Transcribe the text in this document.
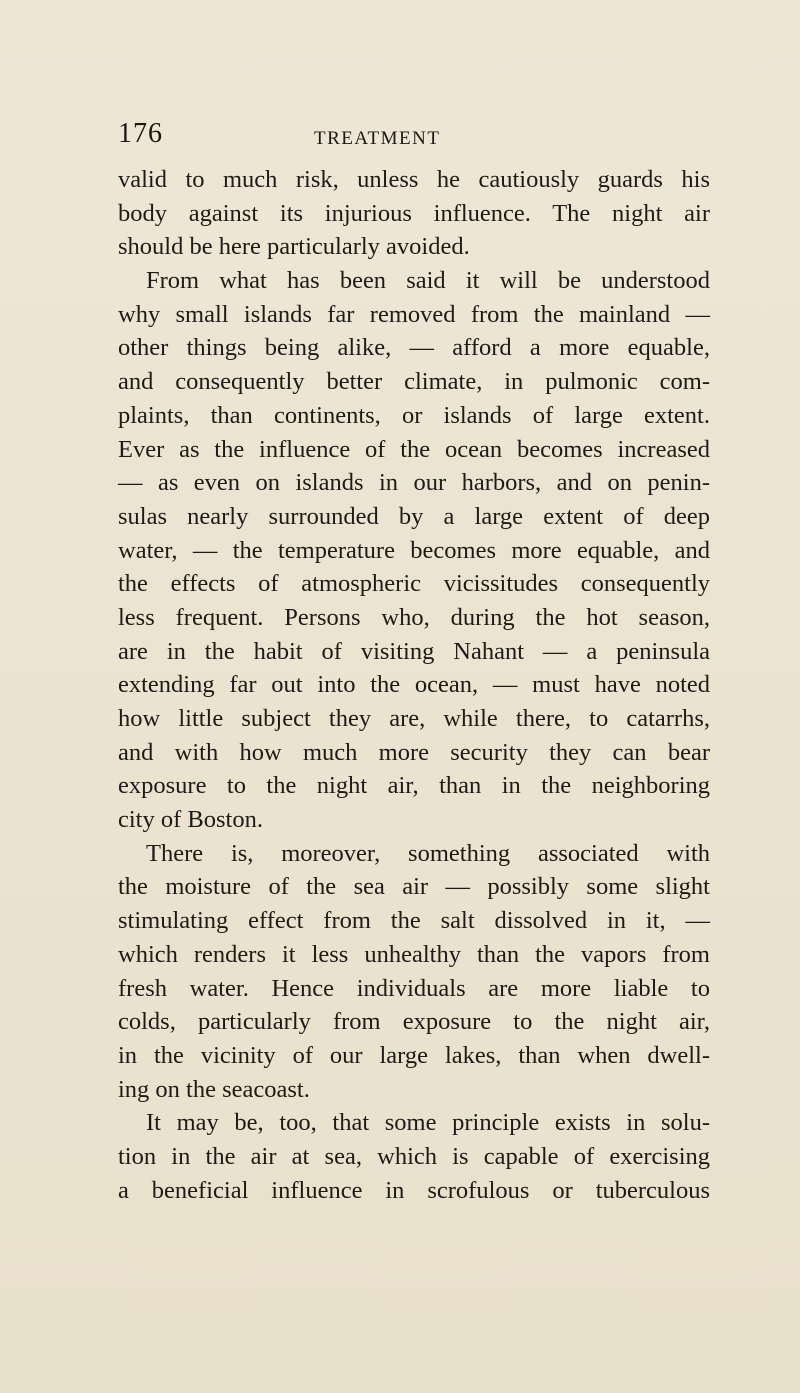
176	TREATMENT
valid to much risk, unless he cautiously guards his
body against its injurious influence. The night air
should be here particularly avoided.
From what has been said it will be understood
why small islands far removed from the mainland —
other things being alike, — afford a more equable,
and consequently better climate, in pulmonic com-
plaints, than continents, or islands of large extent.
Ever as the influence of the ocean becomes increased
— as even on islands in our harbors, and on penin-
sulas nearly surrounded by a large extent of deep
water, — the temperature becomes more equable, and
the effects of atmospheric vicissitudes consequently
less frequent. Persons who, during the hot season,
are in the habit of visiting Nahant — a peninsula
extending far out into the ocean, — must have noted
how little subject they are, while there, to catarrhs,
and with how much more security they can bear
exposure to the night air, than in the neighboring
city of Boston.
There is, moreover, something associated with
the moisture of the sea air — possibly some slight
stimulating effect from the salt dissolved in it, —
which renders it less unhealthy than the vapors from
fresh water. Hence individuals are more liable to
colds, particularly from exposure to the night air,
in the vicinity of our large lakes, than when dwell-
ing on the seacoast.
It may be, too, that some principle exists in solu-
tion in the air at sea, which is capable of exercising
a beneficial influence in scrofulous or tuberculous
